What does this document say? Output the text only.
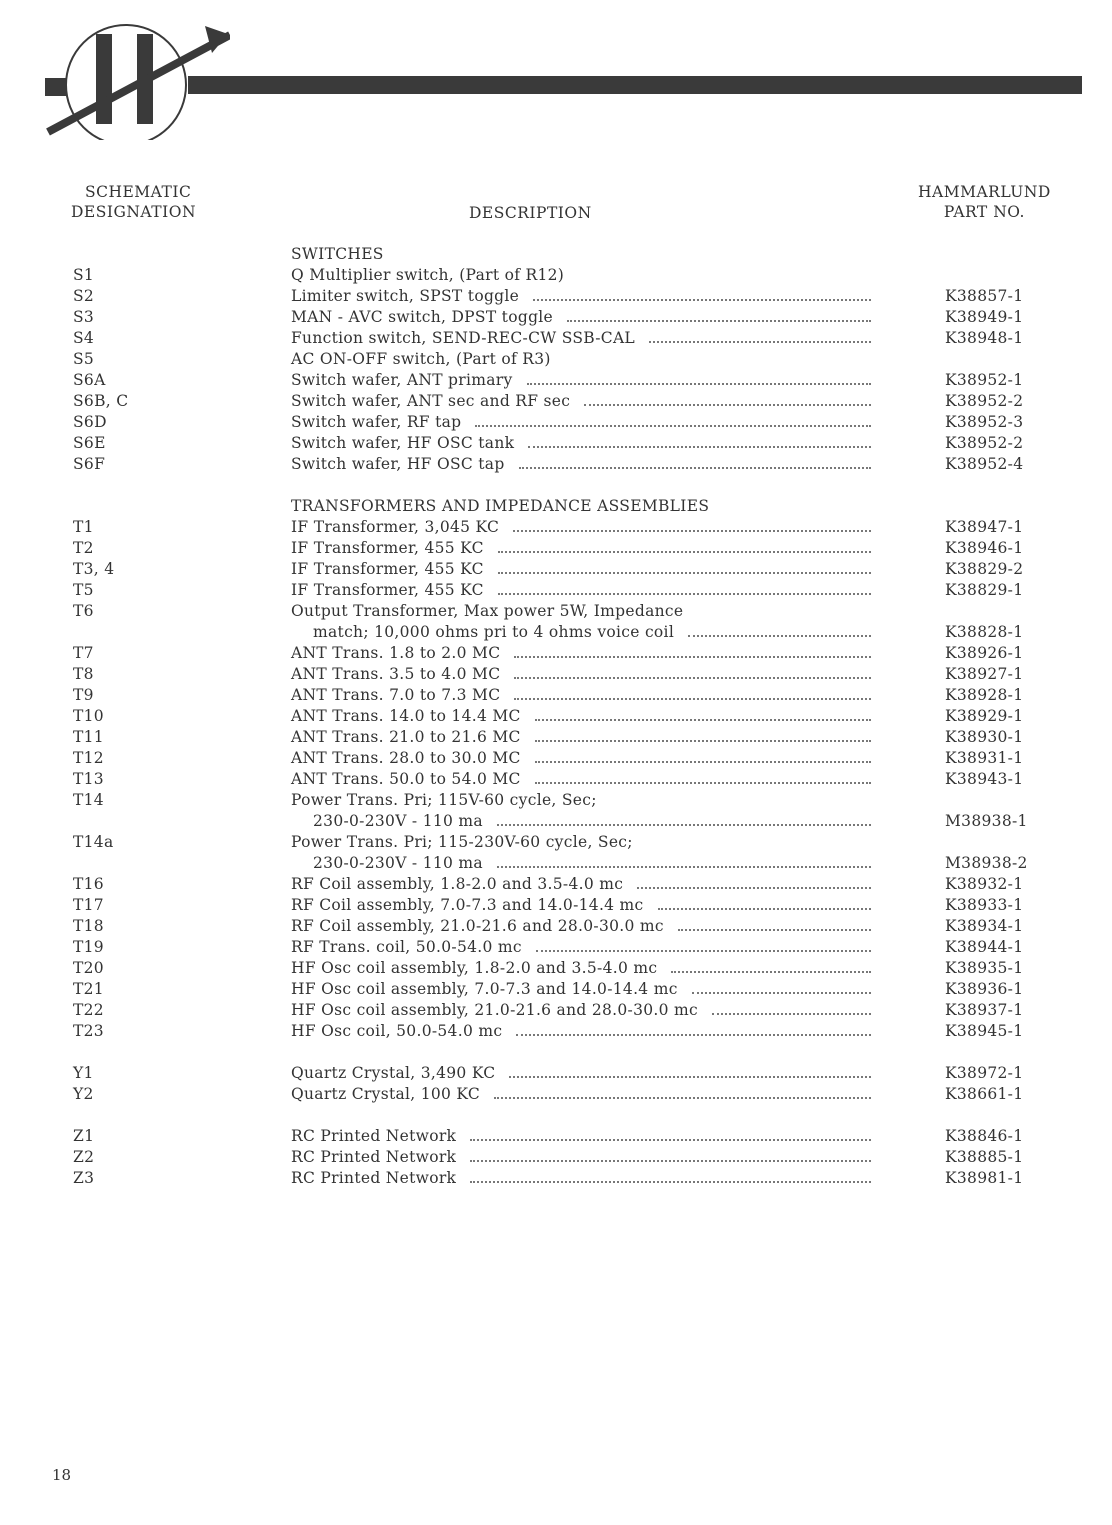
SCHEMATIC
DESIGNATION	DESCRIPTION
HAMMARLUND
PART NO.
SWITCHES
S1	Q Multiplier switch, (Part of R12)
S2	Limiter switch, SPST toggle	K38857-1
S3	MAN - AVC switch, DPST toggle	K38949-1
S4	Function switch, SEND-REC-CW SSB-CAL	K38948-1
S5	AC ON-OFF switch, (Part of R3)
S6A	Switch wafer, ANT primary	K38952-1
S6B, C	Switch wafer, ANT sec and RF sec	K38952-2
S6D	Switch wafer, RF tap	K38952-3
S6E	Switch wafer, HF OSC tank	K38952-2
S6F	Switch wafer, HF OSC tap	K38952-4
TRANSFORMERS AND IMPEDANCE ASSEMBLIES
T1	IF Transformer, 3,045 KC	K38947-1
T2	IF Transformer, 455 KC	K38946-1
T3, 4	IF Transformer, 455 KC	K38829-2
T5	IF Transformer, 455 KC	K38829-1
T6	Output Transformer, Max power 5W, Impedance
match; 10,000 ohms pri to 4 ohms voice coil	K38828-1
T7	ANT Trans. 1.8 to 2.0 MC	K38926-1
T8	ANT Trans. 3.5 to 4.0 MC	K38927-1
T9	ANT Trans. 7.0 to 7.3 MC	K38928-1
T10	ANT Trans. 14.0 to 14.4 MC	K38929-1
T11	ANT Trans. 21.0 to 21.6 MC	K38930-1
T12	ANT Trans. 28.0 to 30.0 MC	K38931-1
T13	ANT Trans. 50.0 to 54.0 MC	K38943-1
T14	Power Trans. Pri; 115V-60 cycle, Sec;
230-0-230V - 110 ma	M38938-1
T14a	Power Trans. Pri; 115-230V-60 cycle, Sec;
230-0-230V - 110 ma	M38938-2
T16	RF Coil assembly, 1.8-2.0 and 3.5-4.0 mc	K38932-1
T17	RF Coil assembly, 7.0-7.3 and 14.0-14.4 mc	K38933-1
T18	RF Coil assembly, 21.0-21.6 and 28.0-30.0 mc	K38934-1
T19	RF Trans. coil, 50.0-54.0 mc	K38944-1
T20	HF Osc coil assembly, 1.8-2.0 and 3.5-4.0 mc	K38935-1
T21	HF Osc coil assembly, 7.0-7.3 and 14.0-14.4 mc	K38936-1
T22	HF Osc coil assembly, 21.0-21.6 and 28.0-30.0 mc	K38937-1
T23	HF Osc coil, 50.0-54.0 mc	K38945-1
Y1	Quartz Crystal, 3,490 KC	K38972-1
Y2	Quartz Crystal, 100 KC	K38661-1
Z1	RC Printed Network	K38846-1
Z2	RC Printed Network	K38885-1
Z3	RC Printed Network	K38981-1
18
